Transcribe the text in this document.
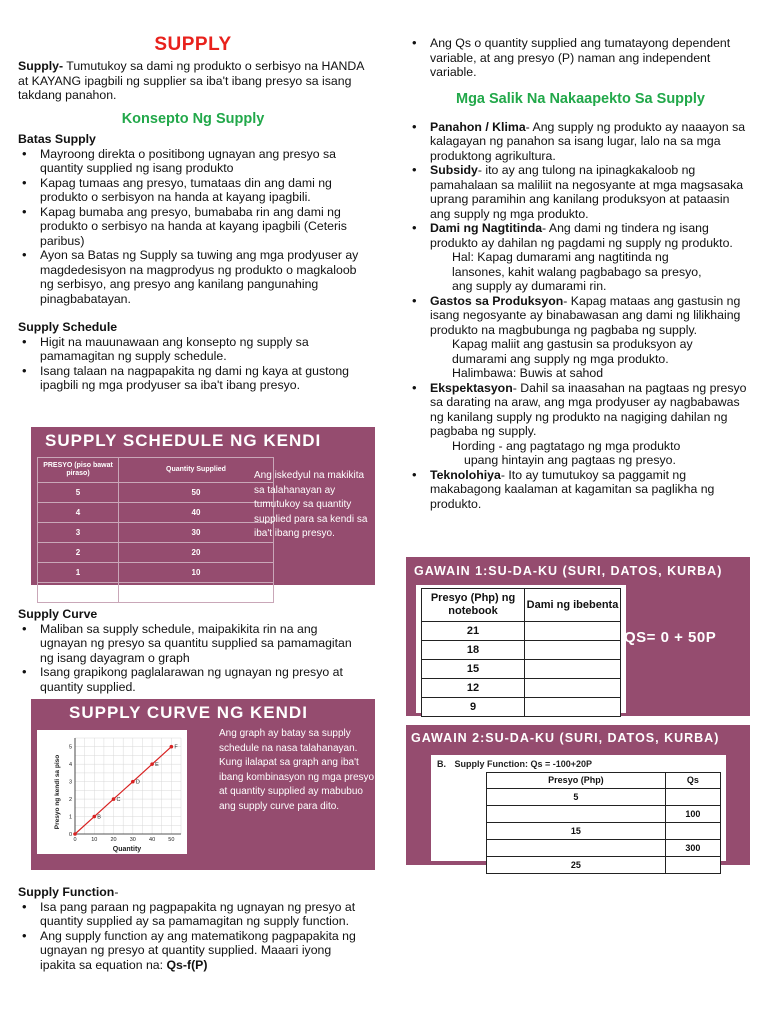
SUPPLY

Supply- Tumutukoy sa dami ng produkto o serbisyo na HANDA at KAYANG ipagbili ng supplier sa iba't ibang presyo sa isang takdang panahon.

Konsepto Ng Supply
Batas Supply
• Mayroong direkta o positibong ugnayan ang presyo sa quantity supplied ng isang produkto
• Kapag tumaas ang presyo, tumataas din ang dami ng produkto o serbisyon na handa at kayang ipagbili.
• Kapag bumaba ang presyo, bumababa rin ang dami ng produkto o serbisyo na handa at kayang ipagbili (Ceteris paribus)
• Ayon sa Batas ng Supply sa tuwing ang mga prodyuser ay magdedesisyon na magprodyus ng produkto o magkaloob ng serbisyo, ang presyo ang kanilang pangunahing pinagbabatayan.
Supply Schedule
• Higit na mauunawaan ang konsepto ng supply sa pamamagitan ng supply schedule.
• Isang talaan na nagpapakita ng dami ng kaya at gustong ipagbili ng mga prodyuser sa iba't ibang presyo.
SUPPLY SCHEDULE NG KENDI
PRESYO (piso bawat piraso)	Quantity Supplied
5	50
4	40
3	30
2	20
1	10
0	0
Ang iskedyul na makikita sa talahanayan ay tumutukoy sa quantity supplied para sa kendi sa iba't ibang presyo.
Supply Curve
• Maliban sa supply schedule, maipakikita rin na ang ugnayan ng presyo sa quantitu supplied sa pamamagitan ng isang dayagram o graph
• Isang grapikong paglalarawan ng ugnayan ng presyo at quantity supplied.
SUPPLY CURVE NG KENDI
B
C
D
E
F
0	10 20 30 40 50
0
1
2
3
4
5
Presyo ng kendi sa piso
Quantity
Ang graph ay batay sa supply schedule na nasa talahanayan. Kung ilalapat sa graph ang iba't ibang kombinasyon ng mga presyo at quantity supplied ay mabubuo ang supply curve para dito.
Supply Function-
• Isa pang paraan ng pagpapakita ng ugnayan ng presyo at quantity supplied ay sa pamamagitan ng supply function.
• Ang supply function ay ang matematikong pagpapakita ng ugnayan ng presyo at quantity supplied. Maaari iyong ipakita sa equation na: Qs-f(P)
• Ang Qs o quantity supplied ang tumatayong dependent variable, at ang presyo (P) naman ang independent variable.
Mga Salik Na Nakaapekto Sa Supply
• Panahon / Klima- Ang supply ng produkto ay naaayon sa kalagayan ng panahon sa isang lugar, lalo na sa mga produktong agrikultura.
• Subsidy- ito ay ang tulong na ipinagkakaloob ng pamahalaan sa maliliit na negosyante at mga magsasaka uprang paramihin ang kanilang produksyon at pataasin ang supply ng mga produkto.
• Dami ng Nagtitinda- Ang dami ng tindera ng isang produkto ay dahilan ng pagdami ng supply ng produkto.
Hal: Kapag dumarami ang nagtitinda ng
lansones, kahit walang pagbabago sa presyo,
ang supply ay dumarami rin.
• Gastos sa Produksyon- Kapag mataas ang gastusin ng isang negosyante ay binabawasan ang dami ng lilikhaing produkto na magbubunga ng pagbaba ng supply.
Kapag maliit ang gastusin sa produksyon ay
dumarami ang supply ng mga produkto.
Halimbawa: Buwis at sahod
• Ekspektasyon- Dahil sa inaasahan na pagtaas ng presyo sa darating na araw, ang mga prodyuser ay nagbabawas ng kanilang supply ng produkto na nagiging dahilan ng pagbaba ng supply.
Hording - ang pagtatago ng mga produkto
upang hintayin ang pagtaas ng presyo.
• Teknolohiya- Ito ay tumutukoy sa paggamit ng makabagong kaalaman at kagamitan sa paglikha ng produkto.
GAWAIN 1:SU-DA-KU (SURI, DATOS, KURBA)
Presyo (Php) ng notebook	Dami ng ibebenta
21	
18	
15	
12	
9	
QS= 0 + 50P
GAWAIN 2:SU-DA-KU (SURI, DATOS, KURBA)
B. Supply Function: Qs = -100+20P
Presyo (Php)	Qs
5	
	100
15	
	300
25	
